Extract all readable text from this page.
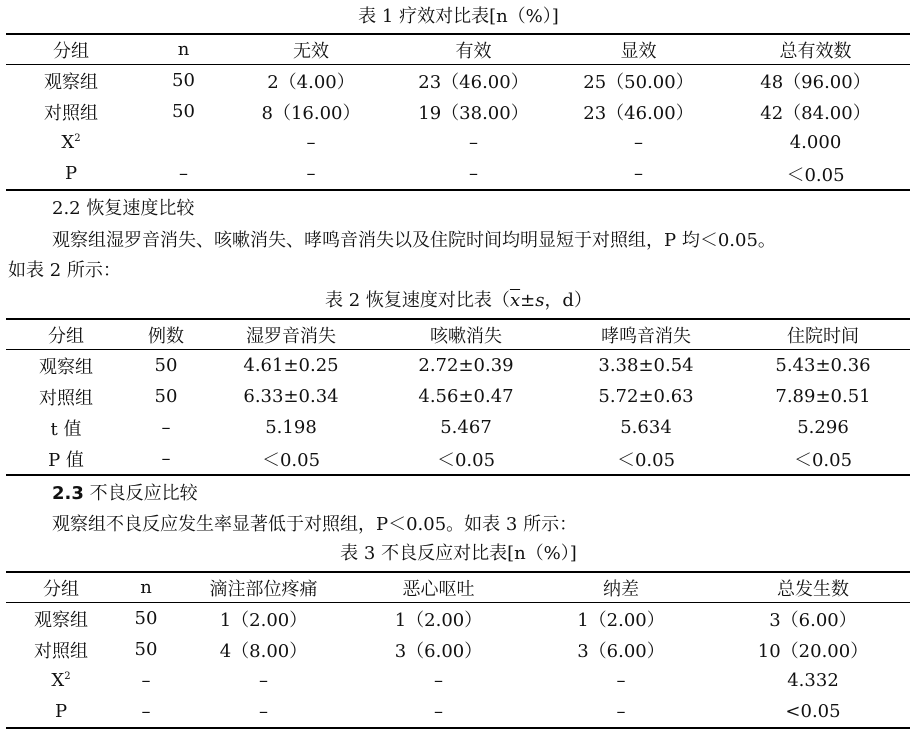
表 1 疗效对比表[n（%）]
分组	n	无效	有效	显效	总有效数
观察组	50	2（4.00）	23（46.00）	25（50.00）	48（96.00）
对照组	50	8（16.00）	19（38.00）	23（46.00）	42（84.00）
$X^2$		–	–	–	4.000
P	–	–	–	–	＜0.05
2.2 恢复速度比较
观察组湿罗音消失、咳嗽消失、哮鸣音消失以及住院时间均明显短于对照组，P 均＜0.05。
如表 2 所示：
表 2 恢复速度对比表（$\overline{x}\pm s$，d）
分组	例数	湿罗音消失	咳嗽消失	哮鸣音消失	住院时间
观察组	50	4.61±0.25	2.72±0.39	3.38±0.54	5.43±0.36
对照组	50	6.33±0.34	4.56±0.47	5.72±0.63	7.89±0.51
t 值	–	5.198	5.467	5.634	5.296
P 值	–	＜0.05	＜0.05	＜0.05	＜0.05
2.3 不良反应比较
观察组不良反应发生率显著低于对照组，P＜0.05。如表 3 所示：
表 3 不良反应对比表[n（%）]
分组	n	滴注部位疼痛	恶心呕吐	纳差	总发生数
观察组	50	1（2.00）	1（2.00）	1（2.00）	3（6.00）
对照组	50	4（8.00）	3（6.00）	3（6.00）	10（20.00）
$X^2$	–	–	–	–	4.332
P	–	–	–	–	<0.05
